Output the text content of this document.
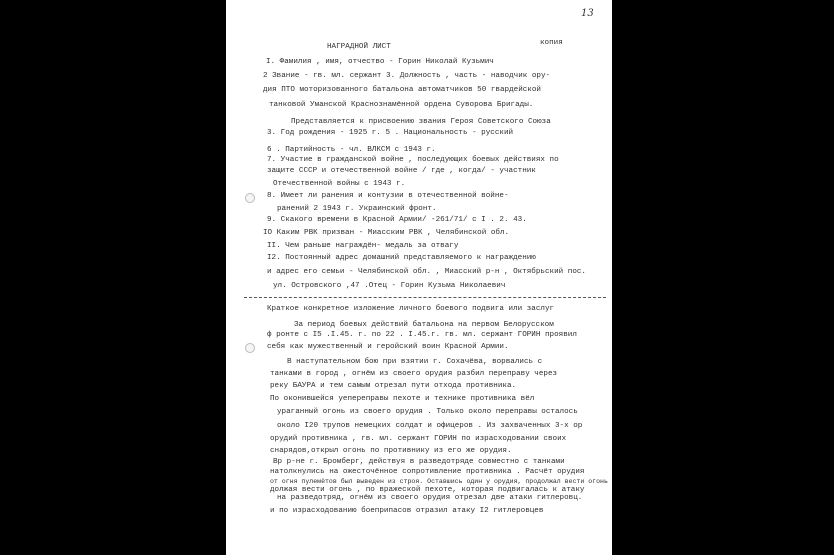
13
НАГРАДНОЙ ЛИСТ	копия
I. Фамилия , имя, отчество - Горин Николай Кузьмич
2 Звание - гв. мл. сержант 3. Должность , часть - наводчик ору-
дия ПТО моторизованного батальона автоматчиков 50 гвардейской
танковой Уманской Краснознамённой ордена Суворова Бригады.
Представляется к присвоению звания Героя Советского Союза
3. Год рождения - 1925 г. 5 . Национальность - русский
6 . Партийность - чл. ВЛКСМ с 1943 г.
7. Участие в гражданской войне , последующих боевых действиях по
защите СССР и отечественной войне / где , когда/ - участник
Отечественной войны с 1943 г.
8. Имеет ли ранения и контузии в отечественной войне-
ранений 2 1943 г. Украинский фронт.
9. Скакого времени в Красной Армии/ -261/71/ с I . 2. 43.
IO Каким РВК призван - Миасским РВК , Челябинской обл.
II. Чем раньше награждён- медаль за отвагу
I2. Постоянный адрес домашний представляемого к награждению
и адрес его семьи - Челябинской обл. , Миасский р-н , Октябрьский пос.
ул. Островского ,47 .Отец - Горин Кузьма Николаевич
Краткое конкретное изложение личного боевого подвига или заслуг
За период боевых действий батальона на первом Белорусском
ф ронте с I5 .I.45. г. по 22 . I.45.г. гв. мл. сержант ГОРИН проявил
себя как мужественный и геройский воин Красной Армии.
В наступательном бою при взятии г. Сохачёва, ворвались с
танками в город , огнём из своего орудия разбил переправу через
реку БАУРА и тем самым отрезал пути отхода противника.
По оконившейся уепереправы пехоте и технике противника вёл
ураганный огонь из своего орудия . Только около переправы осталось
около I20 трупов немецких солдат и офицеров . Из захваченных 3-х ор
орудий противника , гв. мл. сержант ГОРИН по израсходовании своих
снарядов,открыл огонь по противнику из его же орудия.
Вр р-не г. Бромберг, действуя в разведотряде совместно с танками
натолкнулись на ожесточённое сопротивление противника . Расчёт орудия
от огня пулемётов был выведен из строя. Оставшись один у орудия, продолжал вести огонь
должая вести огонь , по вражеской пехоте, которая подвигалась к атаку
на разведотряд, огнём из своего орудия отрезал две атаки гитлеровц.
и по израсходованию боеприпасов отразил атаку I2 гитлеровцев
